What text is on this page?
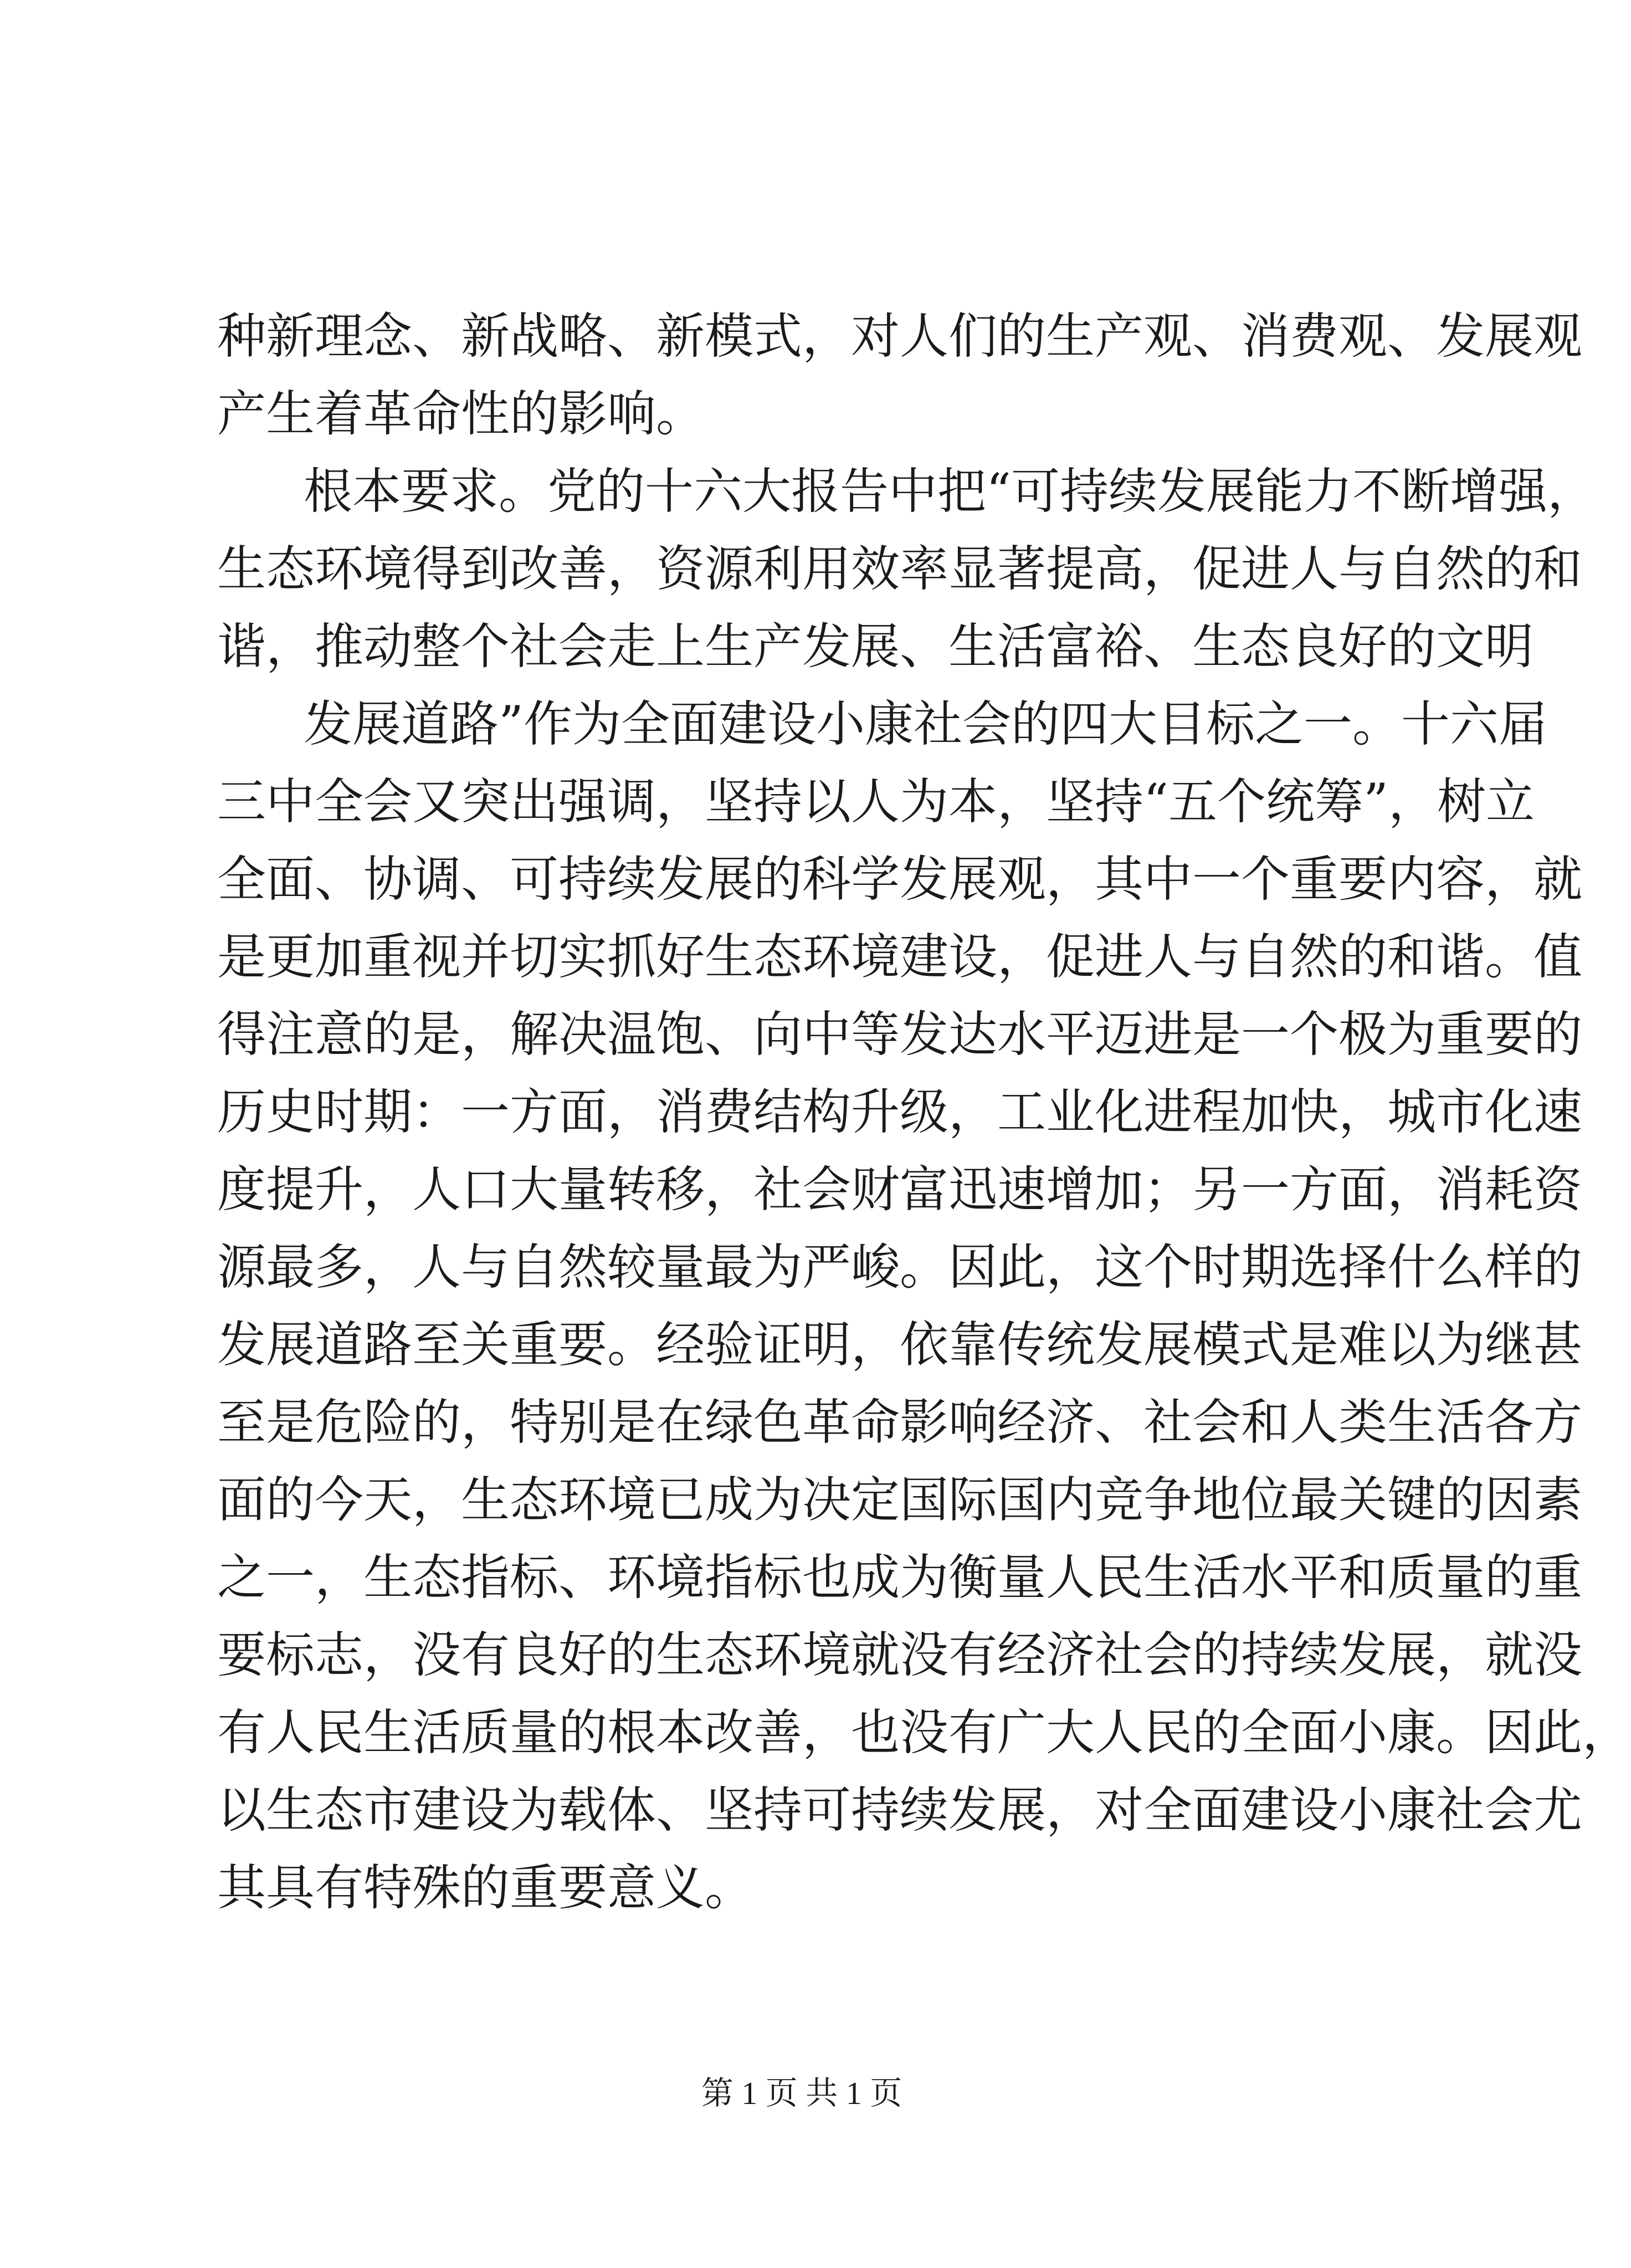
种新理念、新战略、新模式，对人们的生产观、消费观、发展观
产生着革命性的影响。
根本要求。党的十六大报告中把“可持续发展能力不断增强，
生态环境得到改善，资源利用效率显著提高，促进人与自然的和
谐，推动整个社会走上生产发展、生活富裕、生态良好的文明
发展道路”作为全面建设小康社会的四大目标之一。十六届
三中全会又突出强调，坚持以人为本，坚持“五个统筹”，树立
全面、协调、可持续发展的科学发展观，其中一个重要内容，就
是更加重视并切实抓好生态环境建设，促进人与自然的和谐。值
得注意的是，解决温饱、向中等发达水平迈进是一个极为重要的
历史时期：一方面，消费结构升级，工业化进程加快，城市化速
度提升，人口大量转移，社会财富迅速增加；另一方面，消耗资
源最多，人与自然较量最为严峻。因此，这个时期选择什么样的
发展道路至关重要。经验证明，依靠传统发展模式是难以为继甚
至是危险的，特别是在绿色革命影响经济、社会和人类生活各方
面的今天，生态环境已成为决定国际国内竞争地位最关键的因素
之一，生态指标、环境指标也成为衡量人民生活水平和质量的重
要标志，没有良好的生态环境就没有经济社会的持续发展，就没
有人民生活质量的根本改善，也没有广大人民的全面小康。因此，
以生态市建设为载体、坚持可持续发展，对全面建设小康社会尤
其具有特殊的重要意义。
第 1 页 共 1 页
